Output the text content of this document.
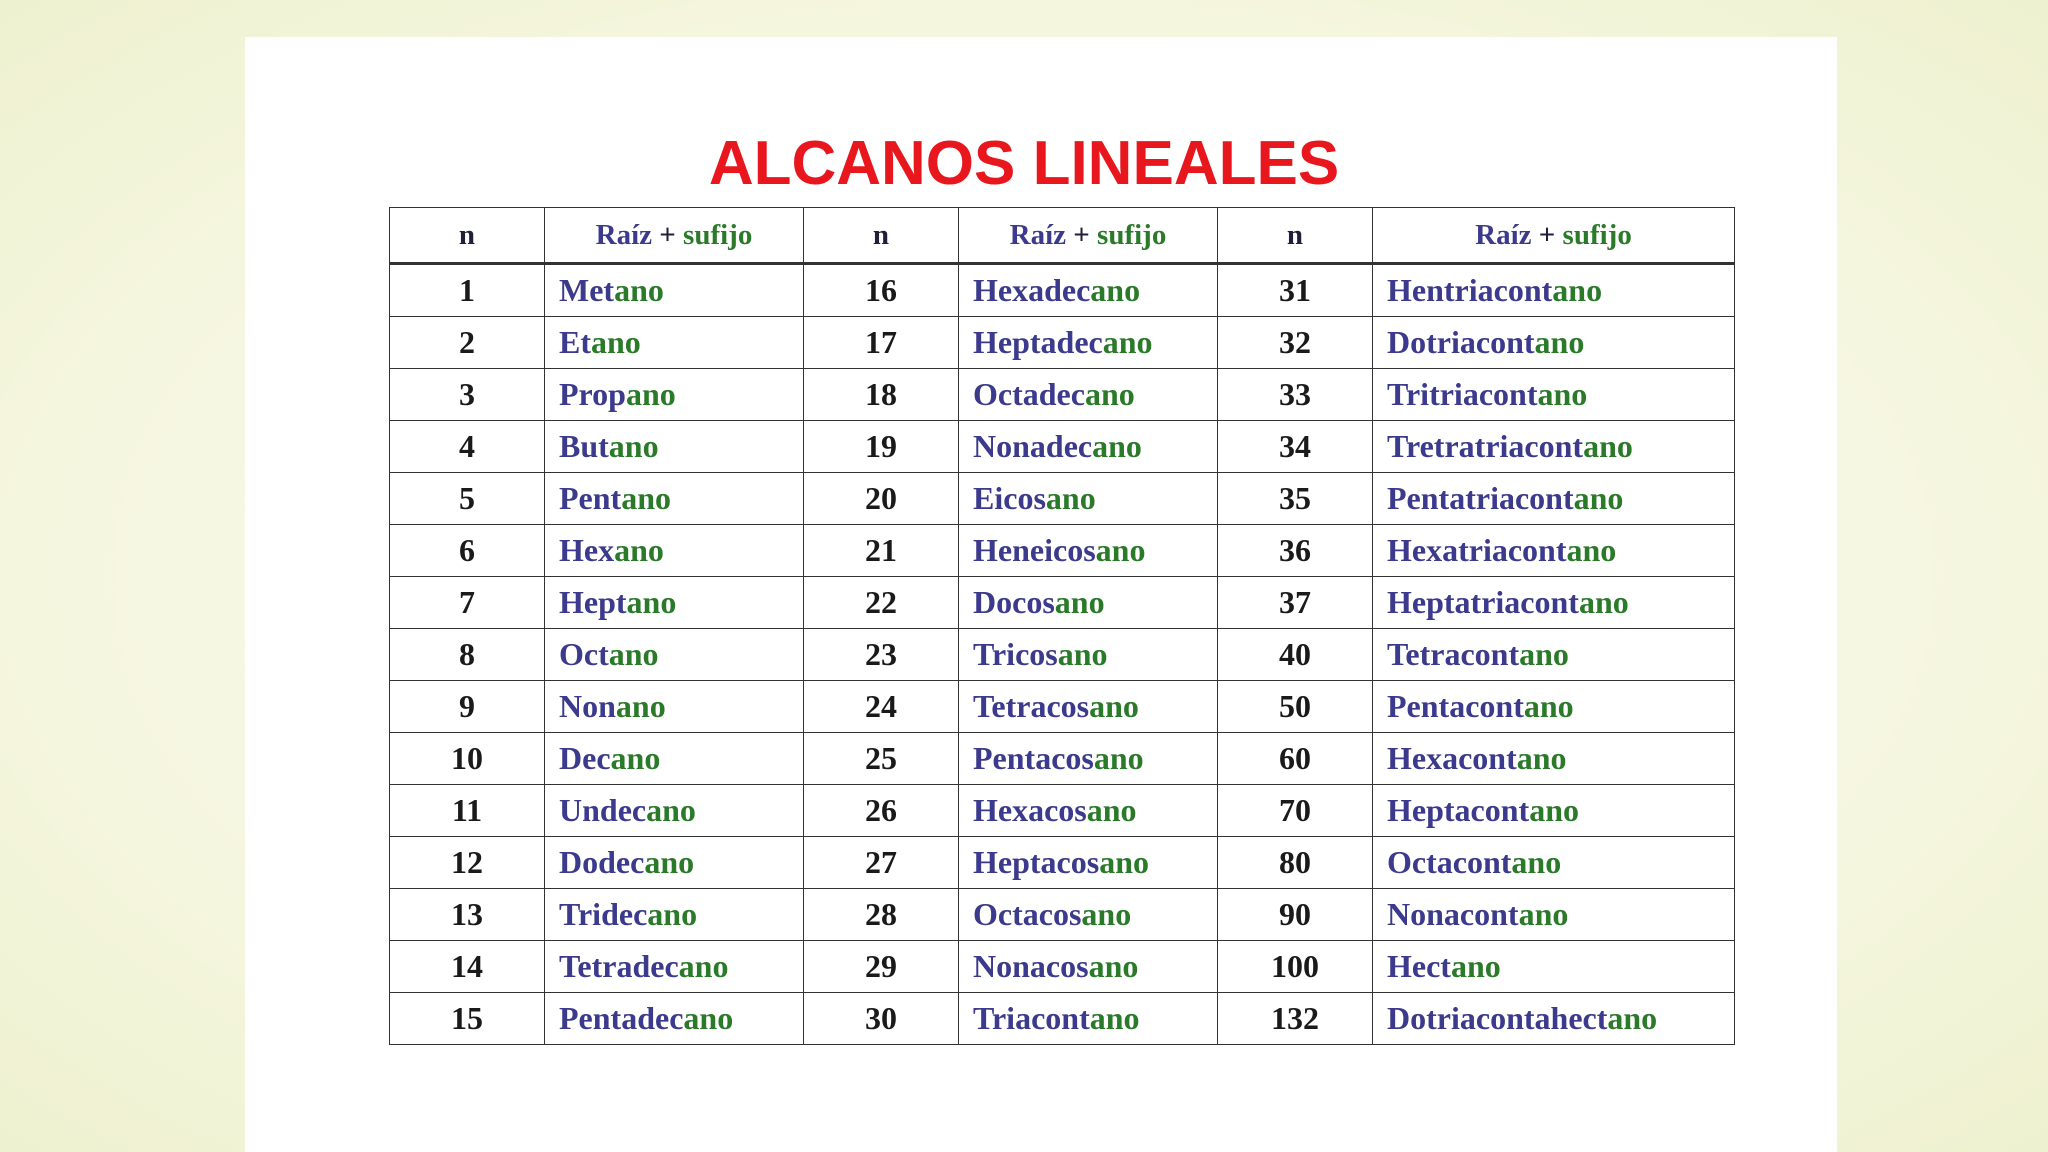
ALCANOS LINEALES
n	Raíz + sufijo	n	Raíz + sufijo	n	Raíz + sufijo
1	Metano	16	Hexadecano	31	Hentriacontano
2	Etano	17	Heptadecano	32	Dotriacontano
3	Propano	18	Octadecano	33	Tritriacontano
4	Butano	19	Nonadecano	34	Tretratriacontano
5	Pentano	20	Eicosano	35	Pentatriacontano
6	Hexano	21	Heneicosano	36	Hexatriacontano
7	Heptano	22	Docosano	37	Heptatriacontano
8	Octano	23	Tricosano	40	Tetracontano
9	Nonano	24	Tetracosano	50	Pentacontano
10	Decano	25	Pentacosano	60	Hexacontano
11	Undecano	26	Hexacosano	70	Heptacontano
12	Dodecano	27	Heptacosano	80	Octacontano
13	Tridecano	28	Octacosano	90	Nonacontano
14	Tetradecano	29	Nonacosano	100	Hectano
15	Pentadecano	30	Triacontano	132	Dotriacontahectano
